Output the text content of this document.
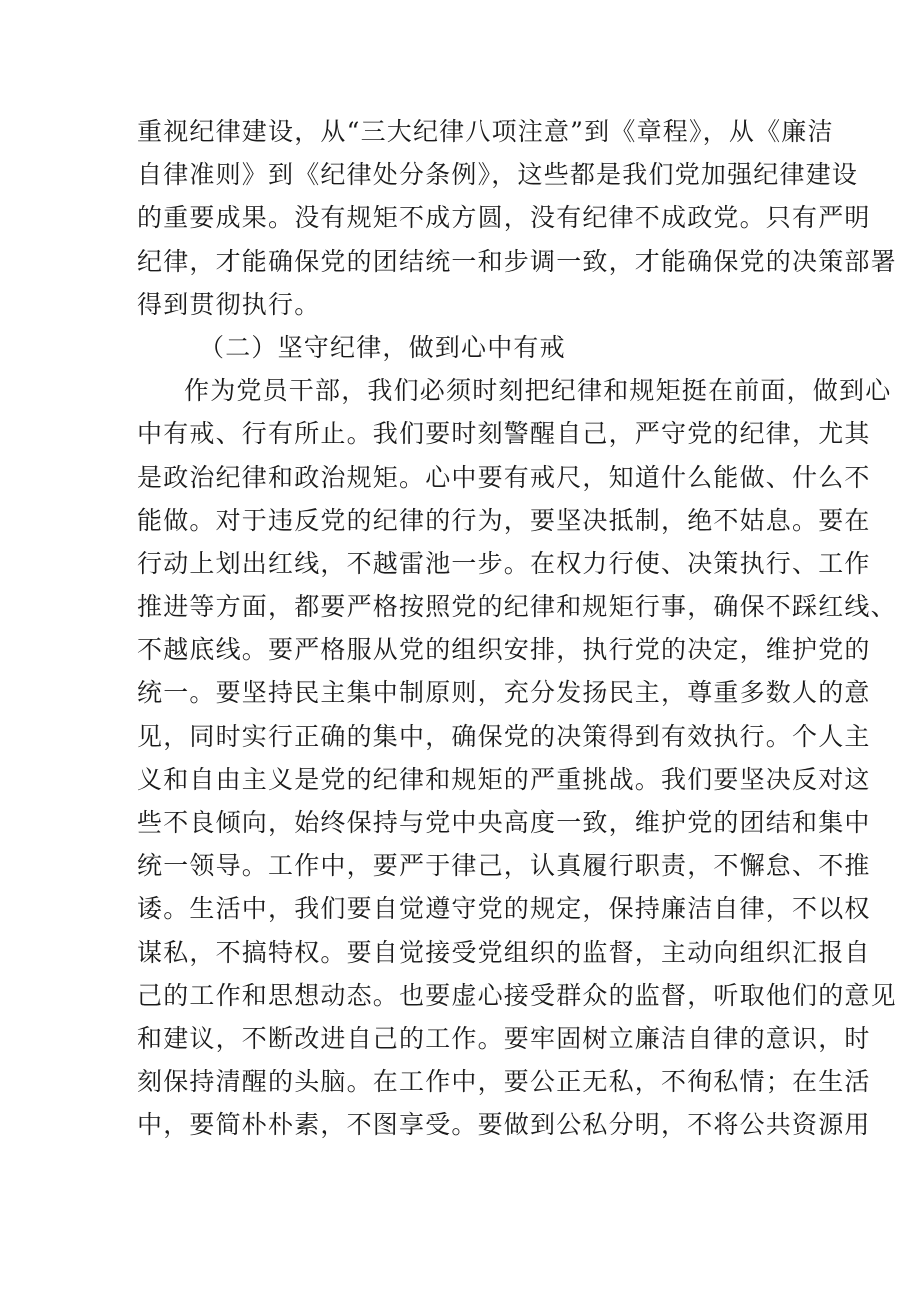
重视纪律建设，从“三大纪律八项注意”到《章程》，从《廉洁
自律准则》到《纪律处分条例》，这些都是我们党加强纪律建设
的重要成果。没有规矩不成方圆，没有纪律不成政党。只有严明
纪律，才能确保党的团结统一和步调一致，才能确保党的决策部署
得到贯彻执行。
（二）坚守纪律，做到心中有戒
作为党员干部，我们必须时刻把纪律和规矩挺在前面，做到心
中有戒、行有所止。我们要时刻警醒自己，严守党的纪律，尤其
是政治纪律和政治规矩。心中要有戒尺，知道什么能做、什么不
能做。对于违反党的纪律的行为，要坚决抵制，绝不姑息。要在
行动上划出红线，不越雷池一步。在权力行使、决策执行、工作
推进等方面，都要严格按照党的纪律和规矩行事，确保不踩红线、
不越底线。要严格服从党的组织安排，执行党的决定，维护党的
统一。要坚持民主集中制原则，充分发扬民主，尊重多数人的意
见，同时实行正确的集中，确保党的决策得到有效执行。个人主
义和自由主义是党的纪律和规矩的严重挑战。我们要坚决反对这
些不良倾向，始终保持与党中央高度一致，维护党的团结和集中
统一领导。工作中，要严于律己，认真履行职责，不懈怠、不推
诿。生活中，我们要自觉遵守党的规定，保持廉洁自律，不以权
谋私，不搞特权。要自觉接受党组织的监督，主动向组织汇报自
己的工作和思想动态。也要虚心接受群众的监督，听取他们的意见
和建议，不断改进自己的工作。要牢固树立廉洁自律的意识，时
刻保持清醒的头脑。在工作中，要公正无私，不徇私情；在生活
中，要简朴朴素，不图享受。要做到公私分明，不将公共资源用
